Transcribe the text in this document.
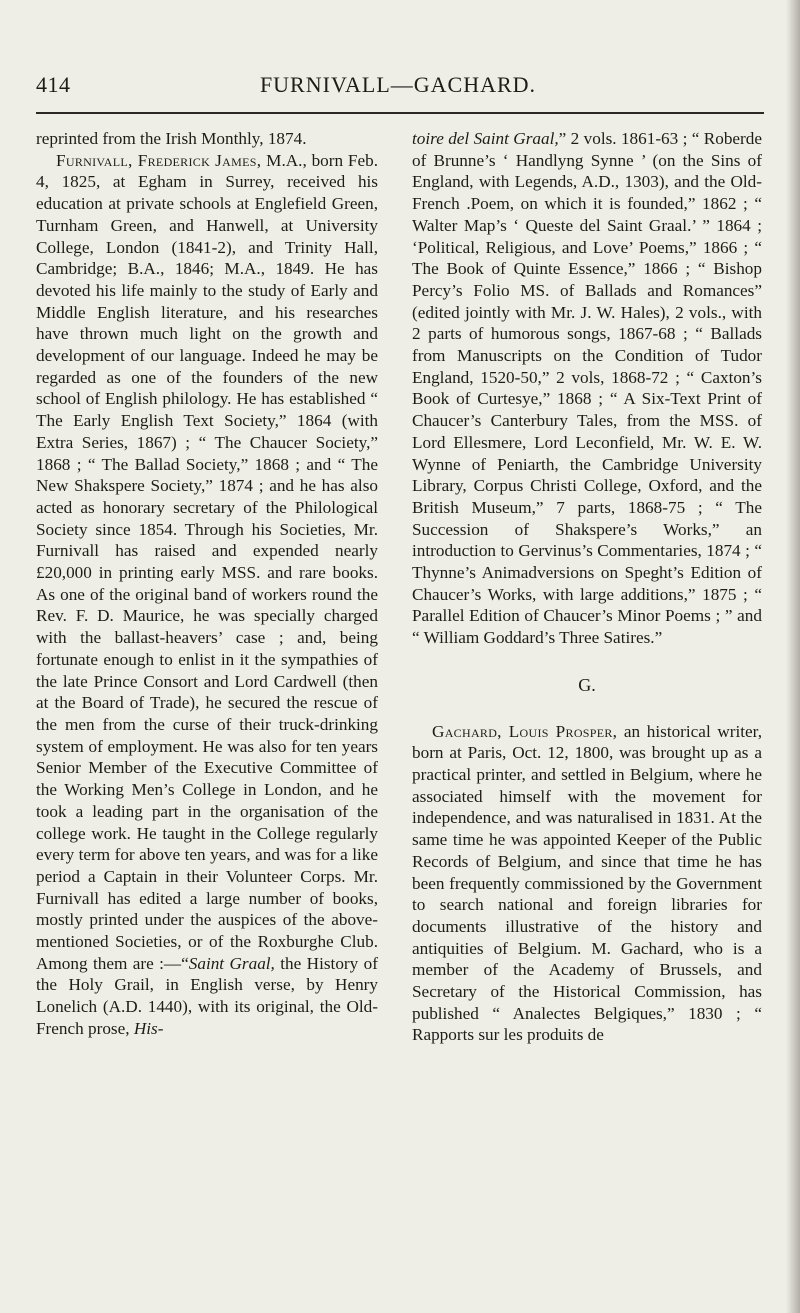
414	FURNIVALL—GACHARD.

reprinted from the Irish Monthly, 1874.

Furnivall, Frederick James, M.A., born Feb. 4, 1825, at Egham in Surrey, received his education at private schools at Englefield Green, Turnham Green, and Hanwell, at University College, London (1841-2), and Trinity Hall, Cambridge; B.A., 1846; M.A., 1849. He has devoted his life mainly to the study of Early and Middle English literature, and his researches have thrown much light on the growth and development of our language. Indeed he may be regarded as one of the founders of the new school of English philology. He has established “ The Early English Text Society,” 1864 (with Extra Series, 1867) ; “ The Chaucer Society,” 1868 ; “ The Ballad Society,” 1868 ; and “ The New Shakspere Society,” 1874 ; and he has also acted as honorary secretary of the Philological Society since 1854. Through his Societies, Mr. Furnivall has raised and expended nearly £20,000 in printing early MSS. and rare books. As one of the original band of workers round the Rev. F. D. Maurice, he was specially charged with the ballast-heavers’ case ; and, being fortunate enough to enlist in it the sympathies of the late Prince Consort and Lord Cardwell (then at the Board of Trade), he secured the rescue of the men from the curse of their truck-drinking system of employment. He was also for ten years Senior Member of the Executive Committee of the Working Men’s College in London, and he took a leading part in the organisation of the college work. He taught in the College regularly every term for above ten years, and was for a like period a Captain in their Volunteer Corps. Mr. Furnivall has edited a large number of books, mostly printed under the auspices of the above-mentioned Societies, or of the Roxburghe Club. Among them are :—“Saint Graal, the History of the Holy Grail, in English verse, by Henry Lonelich (A.D. 1440), with its original, the Old-French prose, His-

toire del Saint Graal,” 2 vols. 1861-63 ; “ Roberde of Brunne’s ‘ Handlyng Synne ’ (on the Sins of England, with Legends, A.D., 1303), and the Old-French .Poem, on which it is founded,” 1862 ; “ Walter Map’s ‘ Queste del Saint Graal.’ ” 1864 ; ‘Political, Religious, and Love’ Poems,” 1866 ; “ The Book of Quinte Essence,” 1866 ; “ Bishop Percy’s Folio MS. of Ballads and Romances” (edited jointly with Mr. J. W. Hales), 2 vols., with 2 parts of humorous songs, 1867-68 ; “ Ballads from Manuscripts on the Condition of Tudor England, 1520-50,” 2 vols, 1868-72 ; “ Caxton’s Book of Curtesye,” 1868 ; “ A Six-Text Print of Chaucer’s Canterbury Tales, from the MSS. of Lord Ellesmere, Lord Leconfield, Mr. W. E. W. Wynne of Peniarth, the Cambridge University Library, Corpus Christi College, Oxford, and the British Museum,” 7 parts, 1868-75 ; “ The Succession of Shakspere’s Works,” an introduction to Gervinus’s Commentaries, 1874 ; “ Thynne’s Animadversions on Speght’s Edition of Chaucer’s Works, with large additions,” 1875 ; “ Parallel Edition of Chaucer’s Minor Poems ; ” and “ William Goddard’s Three Satires.”

G.

Gachard, Louis Prosper, an historical writer, born at Paris, Oct. 12, 1800, was brought up as a practical printer, and settled in Belgium, where he associated himself with the movement for independence, and was naturalised in 1831. At the same time he was appointed Keeper of the Public Records of Belgium, and since that time he has been frequently commissioned by the Government to search national and foreign libraries for documents illustrative of the history and antiquities of Belgium. M. Gachard, who is a member of the Academy of Brussels, and Secretary of the Historical Commission, has published “ Analectes Belgiques,” 1830 ; “ Rapports sur les produits de
